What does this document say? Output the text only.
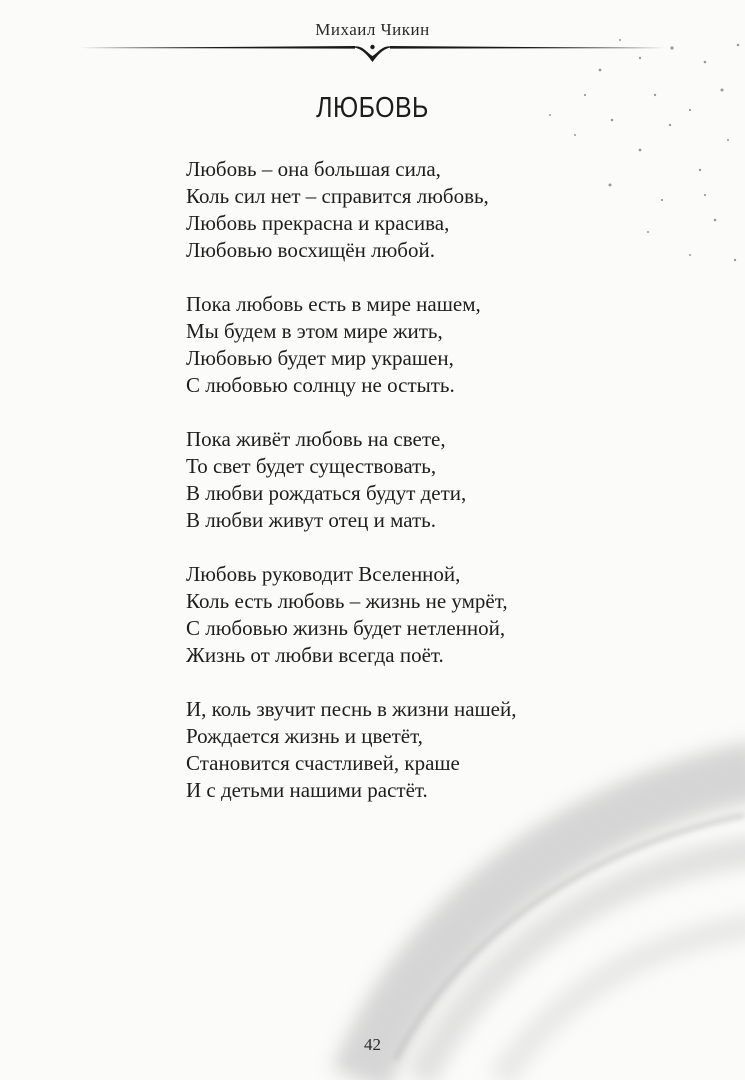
Михаил Чикин
ЛЮБОВЬ
Любовь – она большая сила,
Коль сил нет – справится любовь,
Любовь прекрасна и красива,
Любовью восхищён любой.
Пока любовь есть в мире нашем,
Мы будем в этом мире жить,
Любовью будет мир украшен,
С любовью солнцу не остыть.
Пока живёт любовь на свете,
То свет будет существовать,
В любви рождаться будут дети,
В любви живут отец и мать.
Любовь руководит Вселенной,
Коль есть любовь – жизнь не умрёт,
С любовью жизнь будет нетленной,
Жизнь от любви всегда поёт.
И, коль звучит песнь в жизни нашей,
Рождается жизнь и цветёт,
Становится счастливей, краше
И с детьми нашими растёт.
42
